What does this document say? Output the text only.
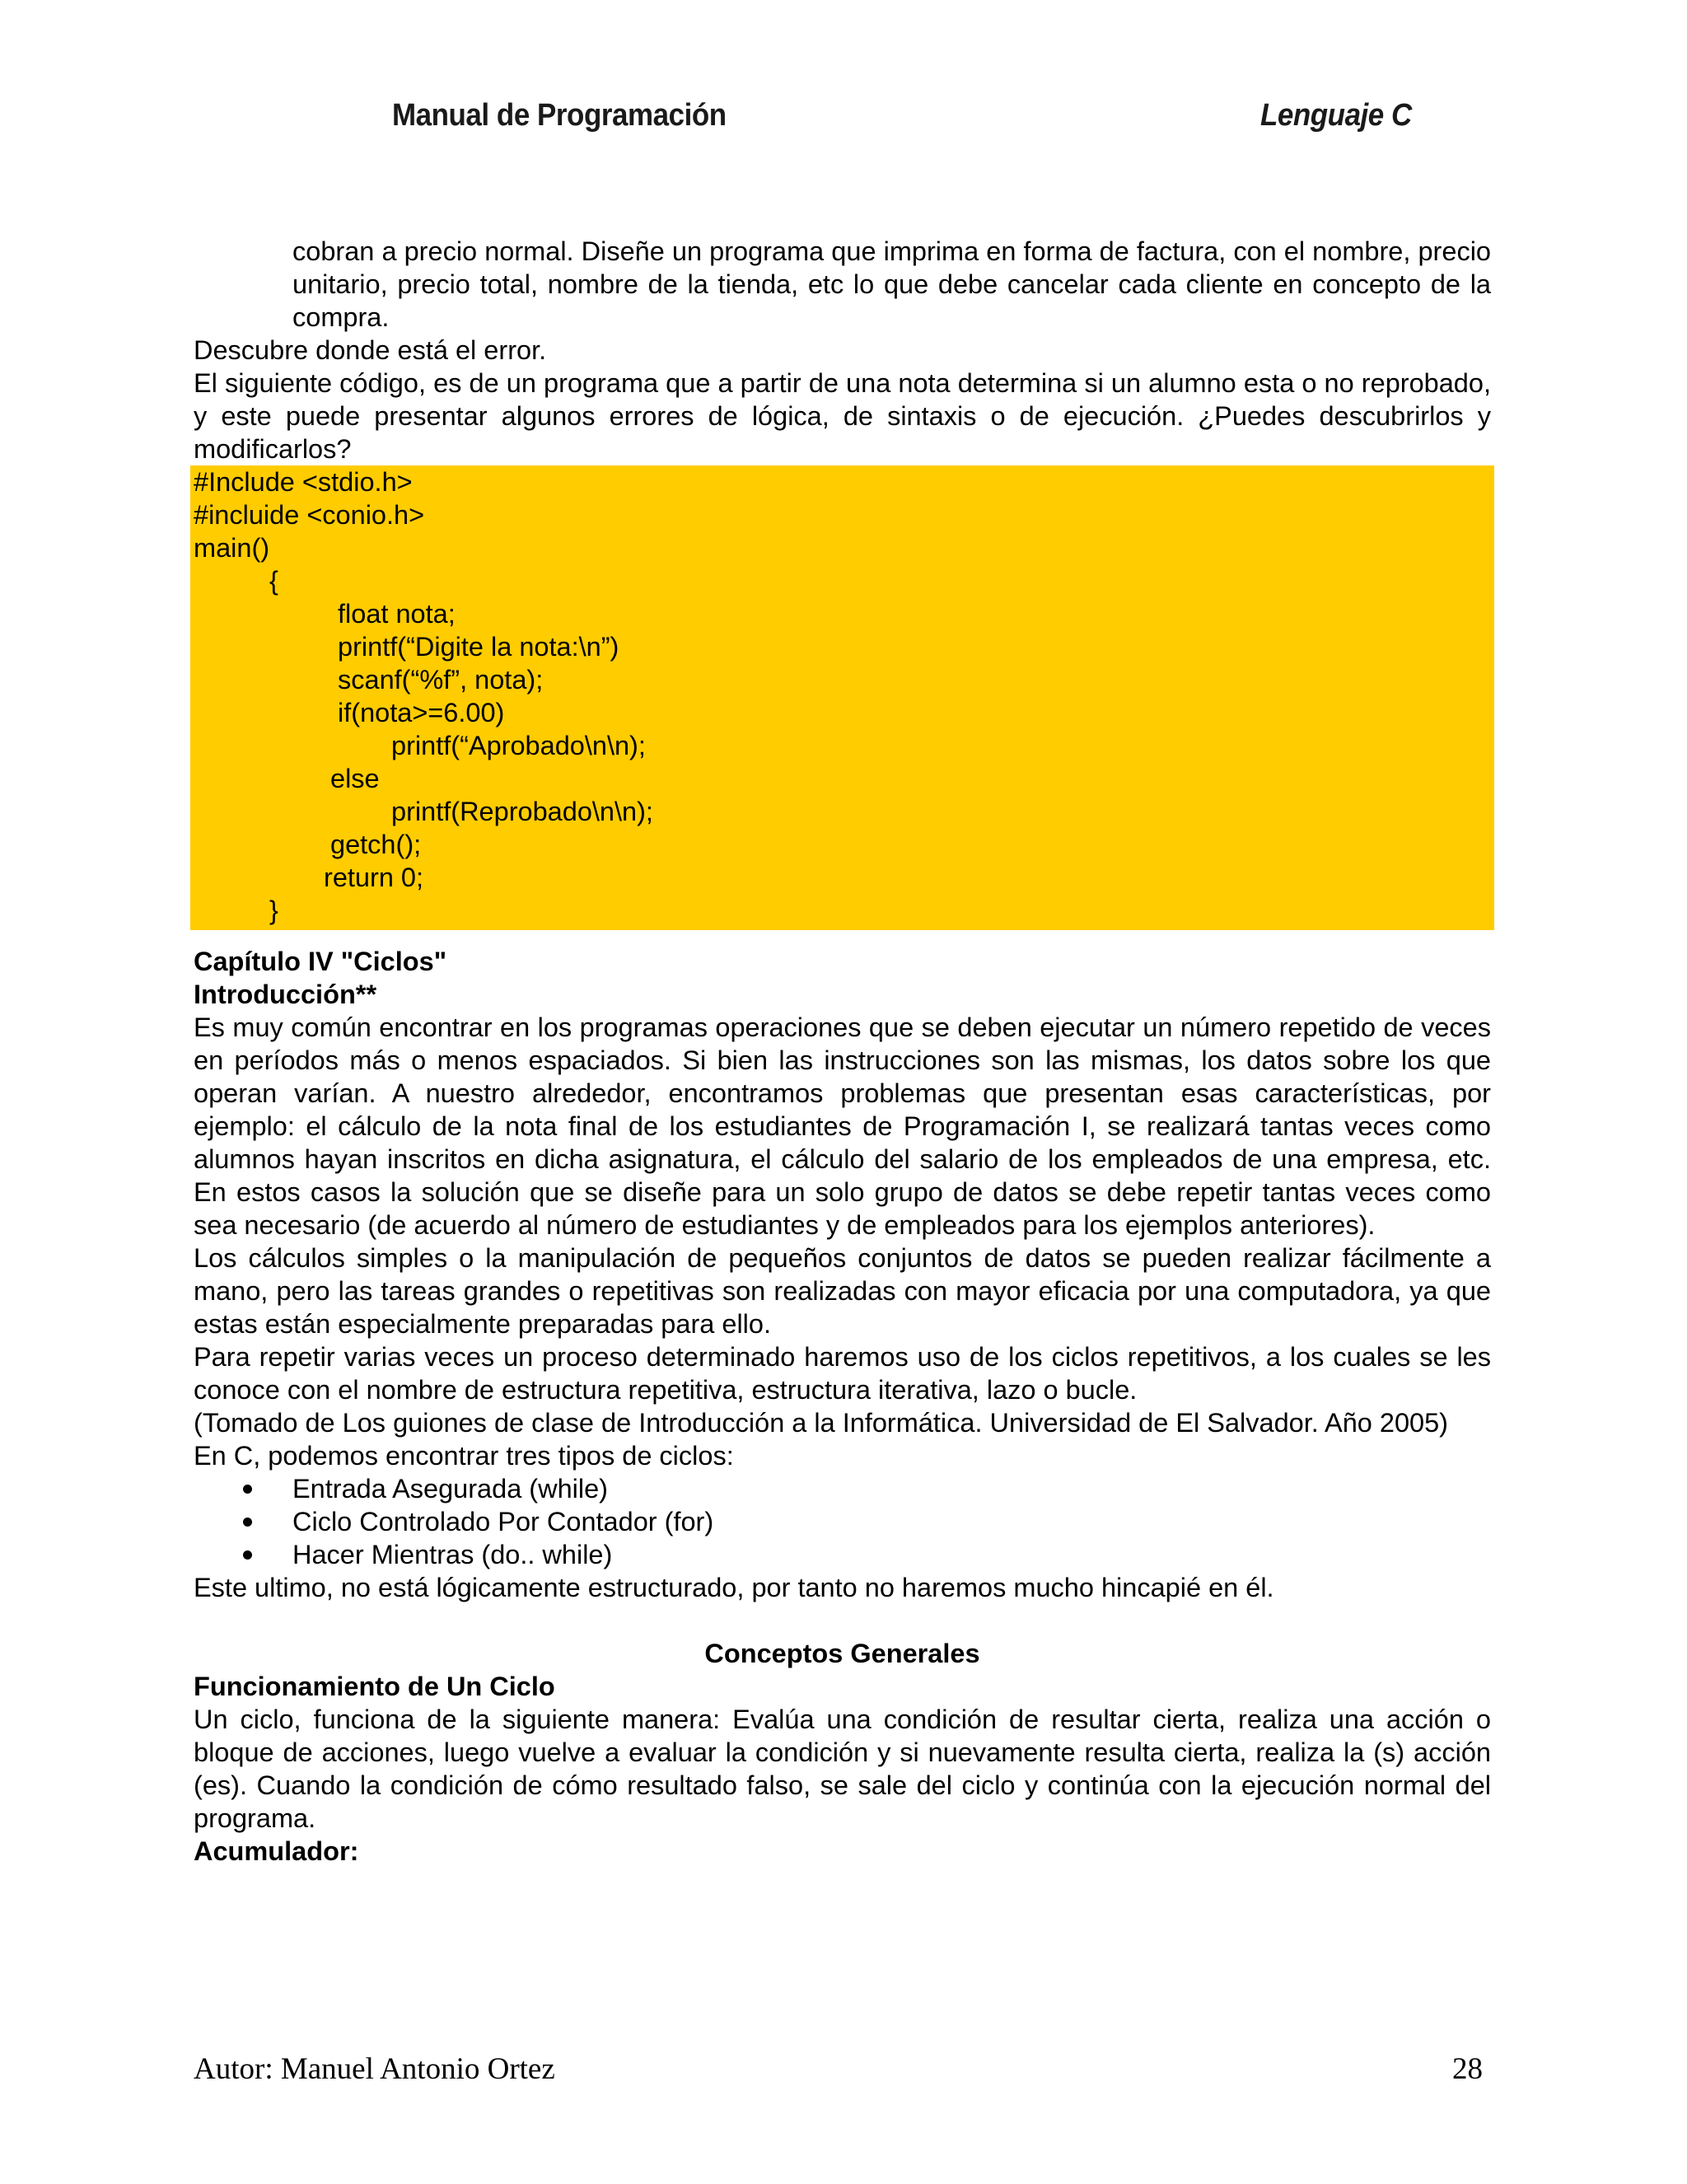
Manual de Programación	Lenguaje C

cobran a precio normal. Diseñe un programa que imprima en forma de factura, con el nombre, precio unitario, precio total, nombre de la tienda, etc lo que debe cancelar cada cliente en concepto de la compra.

Descubre donde está el error.

El siguiente código, es de un programa que a partir de una nota determina si un alumno esta o no reprobado, y este puede presentar algunos errores de lógica, de sintaxis o de ejecución. ¿Puedes descubrirlos y modificarlos?

#Include <stdio.h>
#incluide <conio.h>
main()
{
float nota;
printf(“Digite la nota:\n”)
scanf(“%f”, nota);
if(nota>=6.00)
printf(“Aprobado\n\n);
else
printf(Reprobado\n\n);
getch();
return 0;
}

Capítulo IV "Ciclos"

Introducción**

Es muy común encontrar en los programas operaciones que se deben ejecutar un número repetido de veces en períodos más o menos espaciados. Si bien las instrucciones son las mismas, los datos sobre los que operan varían. A nuestro alrededor, encontramos problemas que presentan esas características, por ejemplo: el cálculo de la nota final de los estudiantes de Programación I, se realizará tantas veces como alumnos hayan inscritos en dicha asignatura, el cálculo del salario de los empleados de una empresa, etc. En estos casos la solución que se diseñe para un solo grupo de datos se debe repetir tantas veces como sea necesario (de acuerdo al número de estudiantes y de empleados para los ejemplos anteriores).

Los cálculos simples o la manipulación de pequeños conjuntos de datos se pueden realizar fácilmente a mano, pero las tareas grandes o repetitivas son realizadas con mayor eficacia por una computadora, ya que estas están especialmente preparadas para ello.

Para repetir varias veces un proceso determinado haremos uso de los ciclos repetitivos, a los cuales se les conoce con el nombre de estructura repetitiva, estructura iterativa, lazo o bucle.

(Tomado de Los guiones de clase de Introducción a la Informática. Universidad de El Salvador. Año 2005)

En C, podemos encontrar tres tipos de ciclos:

Entrada Asegurada (while)
Ciclo Controlado Por Contador (for)
Hacer Mientras (do.. while)

Este ultimo, no está lógicamente estructurado, por tanto no haremos mucho hincapié en él.

Conceptos Generales

Funcionamiento de Un Ciclo

Un ciclo, funciona de la siguiente manera: Evalúa una condición de resultar cierta, realiza una acción o bloque de acciones, luego vuelve a evaluar la condición y si nuevamente resulta cierta, realiza la (s) acción (es). Cuando la condición de cómo resultado falso, se sale del ciclo y continúa con la ejecución normal del programa.

Acumulador:

Autor: Manuel Antonio Ortez	28
